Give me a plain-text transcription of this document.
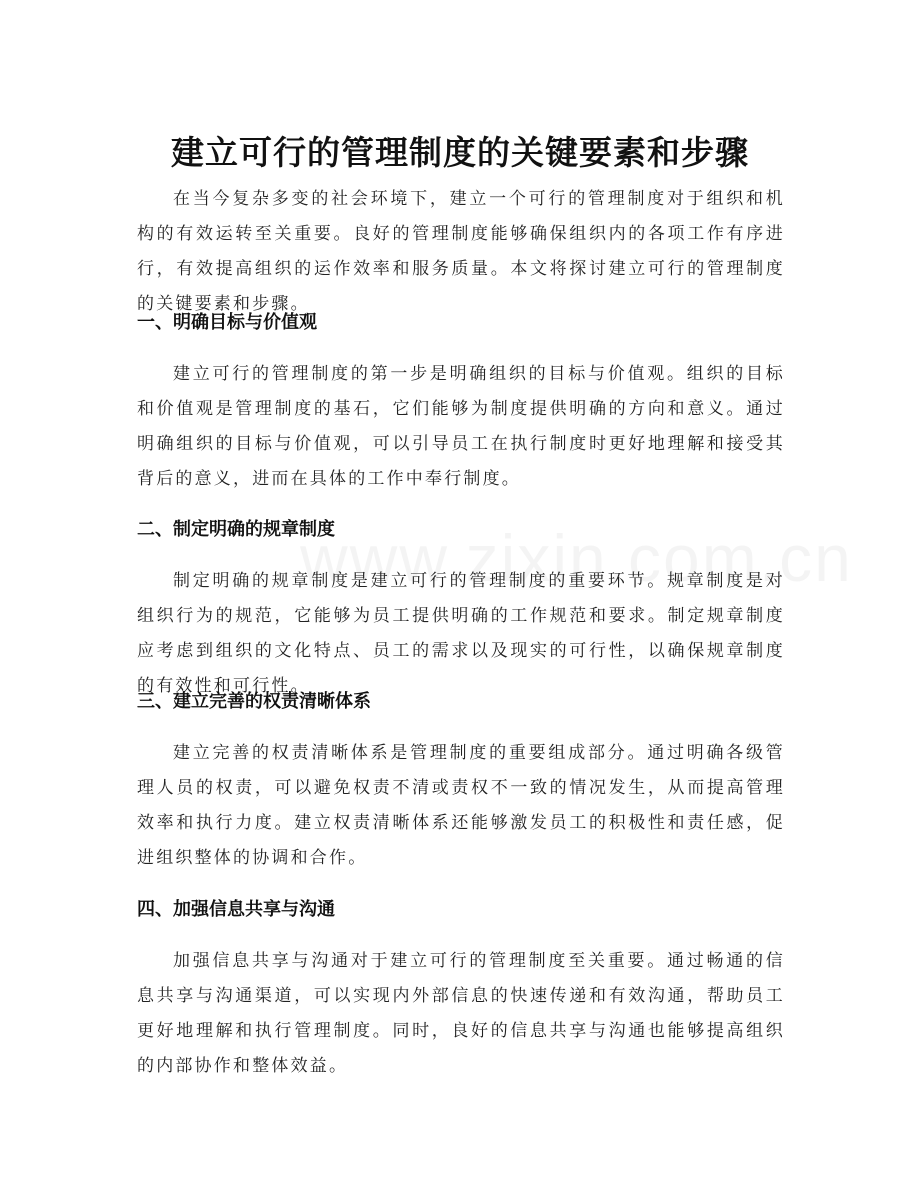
建立可行的管理制度的关键要素和步骤

在当今复杂多变的社会环境下，建立一个可行的管理制度对于组织和机构的有效运转至关重要。良好的管理制度能够确保组织内的各项工作有序进行，有效提高组织的运作效率和服务质量。本文将探讨建立可行的管理制度的关键要素和步骤。

一、明确目标与价值观

建立可行的管理制度的第一步是明确组织的目标与价值观。组织的目标和价值观是管理制度的基石，它们能够为制度提供明确的方向和意义。通过明确组织的目标与价值观，可以引导员工在执行制度时更好地理解和接受其背后的意义，进而在具体的工作中奉行制度。

二、制定明确的规章制度

制定明确的规章制度是建立可行的管理制度的重要环节。规章制度是对组织行为的规范，它能够为员工提供明确的工作规范和要求。制定规章制度应考虑到组织的文化特点、员工的需求以及现实的可行性，以确保规章制度的有效性和可行性。

三、建立完善的权责清晰体系

建立完善的权责清晰体系是管理制度的重要组成部分。通过明确各级管理人员的权责，可以避免权责不清或责权不一致的情况发生，从而提高管理效率和执行力度。建立权责清晰体系还能够激发员工的积极性和责任感，促进组织整体的协调和合作。

四、加强信息共享与沟通

加强信息共享与沟通对于建立可行的管理制度至关重要。通过畅通的信息共享与沟通渠道，可以实现内外部信息的快速传递和有效沟通，帮助员工更好地理解和执行管理制度。同时，良好的信息共享与沟通也能够提高组织的内部协作和整体效益。
